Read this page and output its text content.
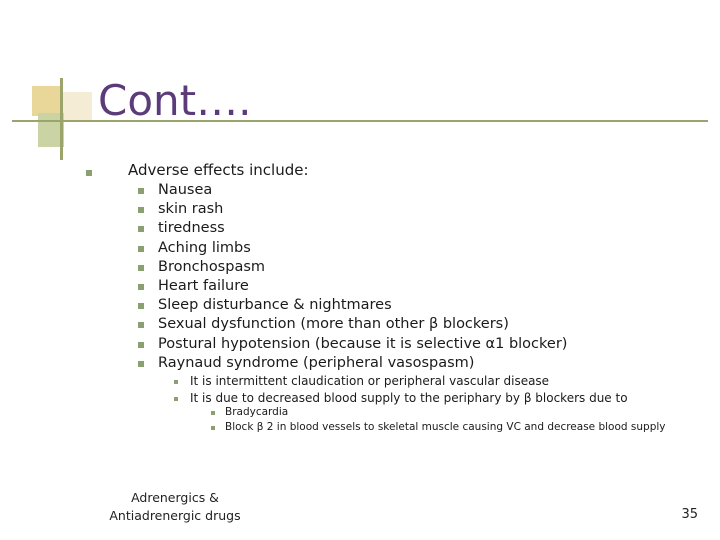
Cont….
Adverse effects include:
Nausea
skin rash
tiredness
Aching limbs
Bronchospasm
Heart failure
Sleep disturbance & nightmares
Sexual dysfunction (more than other β blockers)
Postural hypotension (because it is selective α1 blocker)
Raynaud syndrome (peripheral vasospasm)
It is intermittent claudication or peripheral vascular disease
It is due to decreased blood supply to the periphary by β blockers due to
Bradycardia
Block β 2 in blood vessels to skeletal muscle causing VC and decrease blood supply
Adrenergics &
Antiadrenergic drugs	35
